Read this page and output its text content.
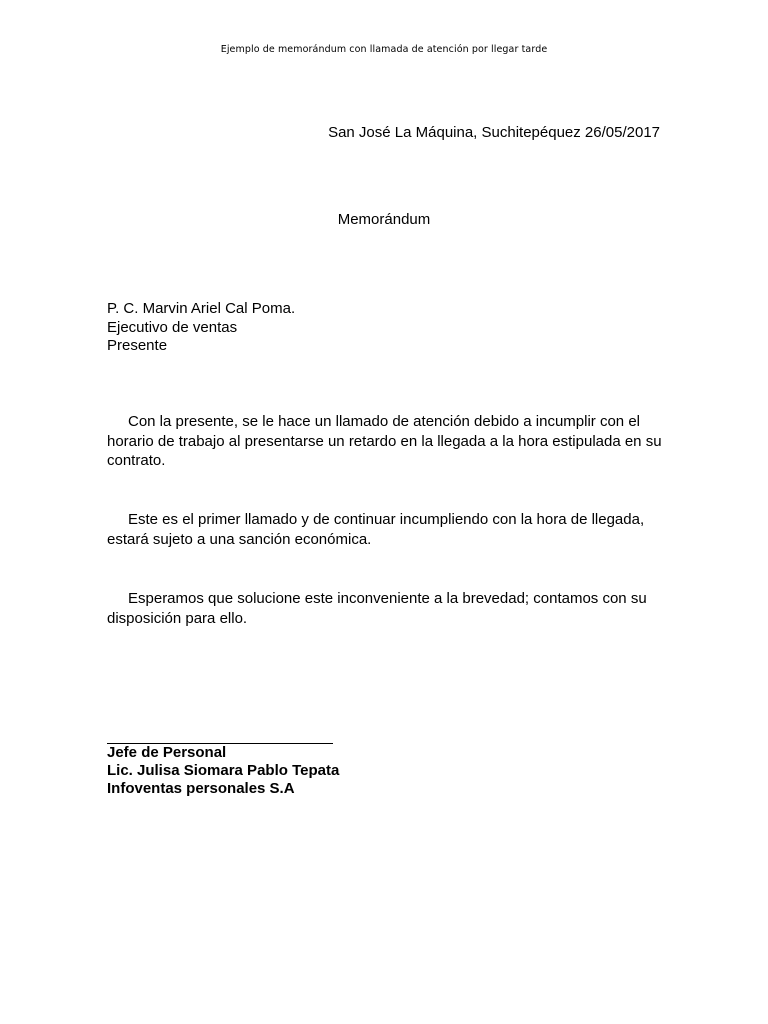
Ejemplo de memorándum con llamada de atención por llegar tarde
San José La Máquina, Suchitepéquez 26/05/2017
Memorándum
P. C. Marvin Ariel Cal Poma.
Ejecutivo de ventas
Presente

Con la presente, se le hace un llamado de atención debido a incumplir con el horario de trabajo al presentarse un retardo en la llegada a la hora estipulada en su contrato.

Este es el primer llamado y de continuar incumpliendo con la hora de llegada, estará sujeto a una sanción económica.

Esperamos que solucione este inconveniente a la brevedad; contamos con su disposición para ello.

Jefe de Personal
Lic. Julisa Siomara Pablo Tepata
Infoventas personales S.A
